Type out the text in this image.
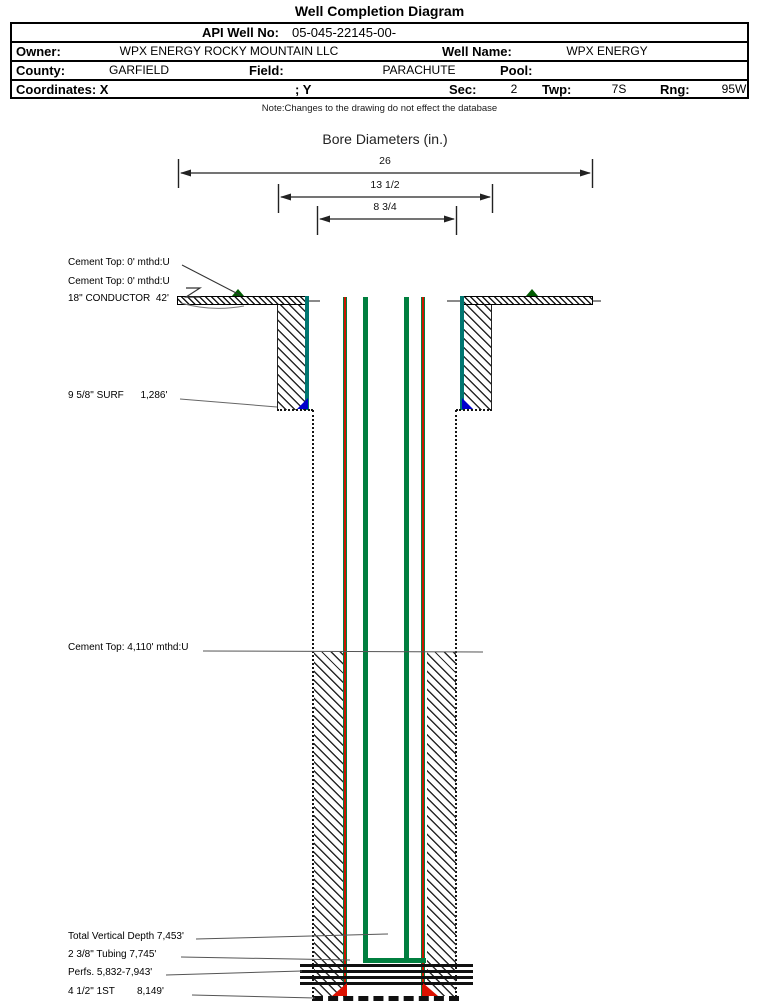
Well Completion Diagram
API Well No: 05-045-22145-00-
Owner:	WPX ENERGY ROCKY MOUNTAIN LLC	Well Name:	WPX ENERGY
County:	GARFIELD	Field:	PARACHUTE	Pool:
Coordinates: X	; Y	Sec:	2	Twp:	7S	Rng:	95W
Note:Changes to the drawing do not effect the database
Bore Diameters (in.)
26
13 1/2
8 3/4
Cement Top: 0' mthd:U
Cement Top: 0' mthd:U
18" CONDUCTOR  42'
9 5/8" SURF      1,286'
Cement Top: 4,110' mthd:U
Total Vertical Depth 7,453'
2 3/8" Tubing 7,745'
Perfs. 5,832-7,943'
4 1/2" 1ST        8,149'
